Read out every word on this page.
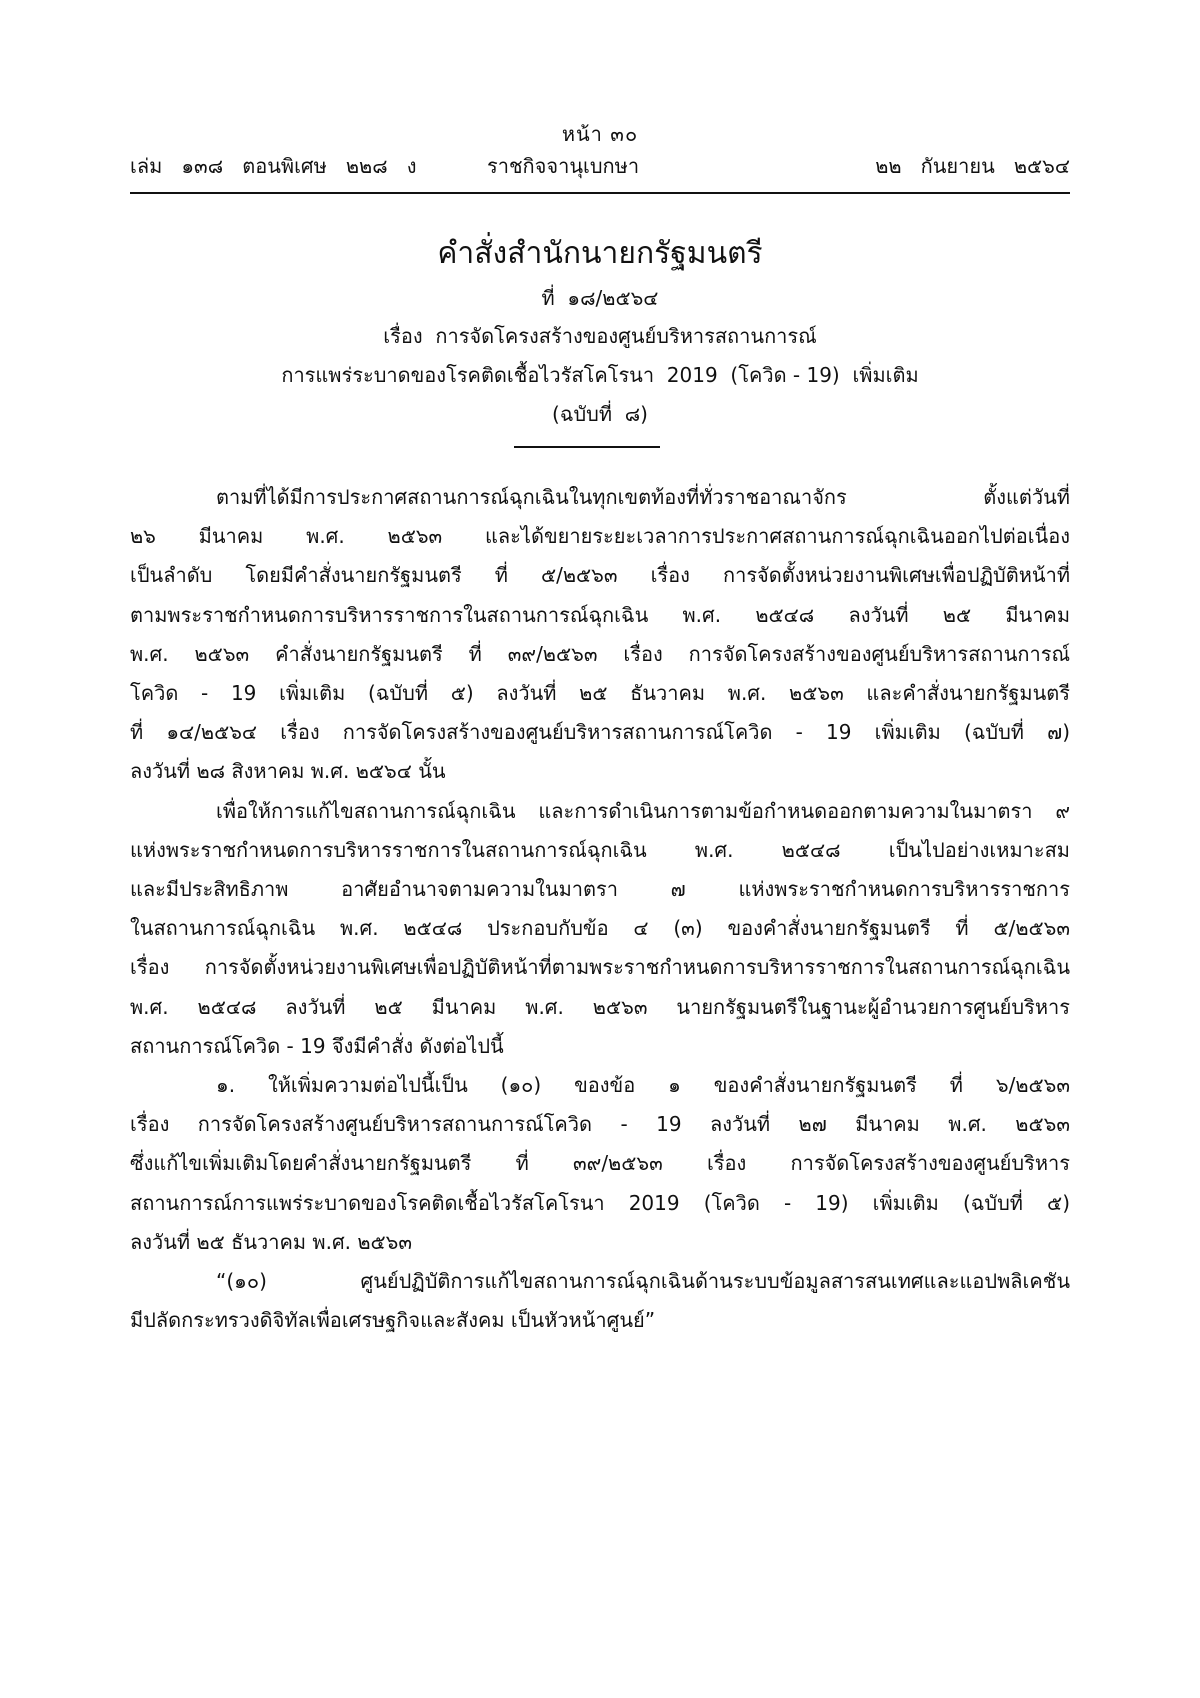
หน้า ๓๐
เล่ม   ๑๓๘   ตอนพิเศษ   ๒๒๘   ง	ราชกิจจานุเบกษา	๒๒   กันยายน   ๒๕๖๔
คำสั่งสำนักนายกรัฐมนตรี
ที่  ๑๘/๒๕๖๔
เรื่อง  การจัดโครงสร้างของศูนย์บริหารสถานการณ์
การแพร่ระบาดของโรคติดเชื้อไวรัสโคโรนา  2019  (โควิด - 19)  เพิ่มเติม
(ฉบับที่  ๘)
ตามที่ได้มีการประกาศสถานการณ์ฉุกเฉินในทุกเขตท้องที่ทั่วราชอาณาจักร ตั้งแต่วันที่
๒๖ มีนาคม พ.ศ. ๒๕๖๓ และได้ขยายระยะเวลาการประกาศสถานการณ์ฉุกเฉินออกไปต่อเนื่อง
เป็นลำดับ โดยมีคำสั่งนายกรัฐมนตรี ที่ ๕/๒๕๖๓ เรื่อง การจัดตั้งหน่วยงานพิเศษเพื่อปฏิบัติหน้าที่
ตามพระราชกำหนดการบริหารราชการในสถานการณ์ฉุกเฉิน พ.ศ. ๒๕๔๘ ลงวันที่ ๒๕ มีนาคม
พ.ศ. ๒๕๖๓ คำสั่งนายกรัฐมนตรี ที่ ๓๙/๒๕๖๓ เรื่อง การจัดโครงสร้างของศูนย์บริหารสถานการณ์
โควิด - 19 เพิ่มเติม (ฉบับที่ ๕) ลงวันที่ ๒๕ ธันวาคม พ.ศ. ๒๕๖๓ และคำสั่งนายกรัฐมนตรี
ที่ ๑๔/๒๕๖๔ เรื่อง การจัดโครงสร้างของศูนย์บริหารสถานการณ์โควิด - 19 เพิ่มเติม (ฉบับที่ ๗)
ลงวันที่ ๒๘ สิงหาคม พ.ศ. ๒๕๖๔ นั้น
เพื่อให้การแก้ไขสถานการณ์ฉุกเฉิน และการดำเนินการตามข้อกำหนดออกตามความในมาตรา ๙
แห่งพระราชกำหนดการบริหารราชการในสถานการณ์ฉุกเฉิน พ.ศ. ๒๕๔๘ เป็นไปอย่างเหมาะสม
และมีประสิทธิภาพ อาศัยอำนาจตามความในมาตรา ๗ แห่งพระราชกำหนดการบริหารราชการ
ในสถานการณ์ฉุกเฉิน พ.ศ. ๒๕๔๘ ประกอบกับข้อ ๔ (๓) ของคำสั่งนายกรัฐมนตรี ที่ ๕/๒๕๖๓
เรื่อง การจัดตั้งหน่วยงานพิเศษเพื่อปฏิบัติหน้าที่ตามพระราชกำหนดการบริหารราชการในสถานการณ์ฉุกเฉิน
พ.ศ. ๒๕๔๘ ลงวันที่ ๒๕ มีนาคม พ.ศ. ๒๕๖๓ นายกรัฐมนตรีในฐานะผู้อำนวยการศูนย์บริหาร
สถานการณ์โควิด - 19 จึงมีคำสั่ง ดังต่อไปนี้
๑. ให้เพิ่มความต่อไปนี้เป็น (๑๐) ของข้อ ๑ ของคำสั่งนายกรัฐมนตรี ที่ ๖/๒๕๖๓
เรื่อง การจัดโครงสร้างศูนย์บริหารสถานการณ์โควิด - 19 ลงวันที่ ๒๗ มีนาคม พ.ศ. ๒๕๖๓
ซึ่งแก้ไขเพิ่มเติมโดยคำสั่งนายกรัฐมนตรี ที่ ๓๙/๒๕๖๓ เรื่อง การจัดโครงสร้างของศูนย์บริหาร
สถานการณ์การแพร่ระบาดของโรคติดเชื้อไวรัสโคโรนา 2019 (โควิด - 19) เพิ่มเติม (ฉบับที่ ๕)
ลงวันที่ ๒๕ ธันวาคม พ.ศ. ๒๕๖๓
“(๑๐) ศูนย์ปฏิบัติการแก้ไขสถานการณ์ฉุกเฉินด้านระบบข้อมูลสารสนเทศและแอปพลิเคชัน
มีปลัดกระทรวงดิจิทัลเพื่อเศรษฐกิจและสังคม เป็นหัวหน้าศูนย์”
